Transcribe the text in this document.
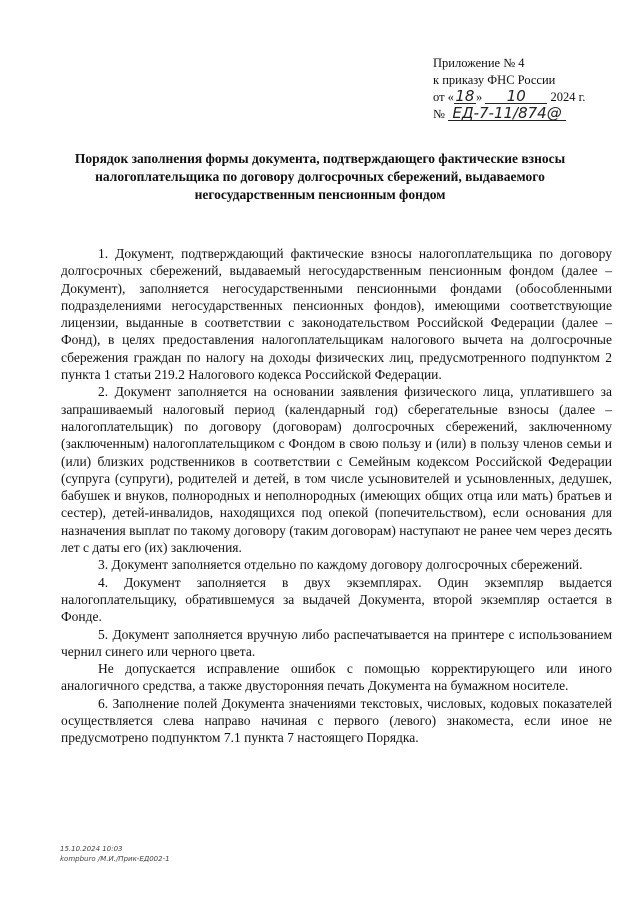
Приложение № 4
к приказу ФНС России
от «18» 10 2024 г.
№ ЕД-7-11/874@
Порядок заполнения формы документа, подтверждающего фактические взносы налогоплательщика по договору долгосрочных сбережений, выдаваемого негосударственным пенсионным фондом

1. Документ, подтверждающий фактические взносы налогоплательщика по договору долгосрочных сбережений, выдаваемый негосударственным пенсионным фондом (далее – Документ), заполняется негосударственными пенсионными фондами (обособленными подразделениями негосударственных пенсионных фондов), имеющими соответствующие лицензии, выданные в соответствии с законодательством Российской Федерации (далее – Фонд), в целях предоставления налогоплательщикам налогового вычета на долгосрочные сбережения граждан по налогу на доходы физических лиц, предусмотренного подпунктом 2 пункта 1 статьи 219.2 Налогового кодекса Российской Федерации.

2. Документ заполняется на основании заявления физического лица, уплатившего за запрашиваемый налоговый период (календарный год) сберегательные взносы (далее – налогоплательщик) по договору (договорам) долгосрочных сбережений, заключенному (заключенным) налогоплательщиком с Фондом в свою пользу и (или) в пользу членов семьи и (или) близких родственников в соответствии с Семейным кодексом Российской Федерации (супруга (супруги), родителей и детей, в том числе усыновителей и усыновленных, дедушек, бабушек и внуков, полнородных и неполнородных (имеющих общих отца или мать) братьев и сестер), детей-инвалидов, находящихся под опекой (попечительством), если основания для назначения выплат по такому договору (таким договорам) наступают не ранее чем через десять лет с даты его (их) заключения.

3. Документ заполняется отдельно по каждому договору долгосрочных сбережений.

4. Документ заполняется в двух экземплярах. Один экземпляр выдается налогоплательщику, обратившемуся за выдачей Документа, второй экземпляр остается в Фонде.

5. Документ заполняется вручную либо распечатывается на принтере с использованием чернил синего или черного цвета.

Не допускается исправление ошибок с помощью корректирующего или иного аналогичного средства, а также двусторонняя печать Документа на бумажном носителе.

6. Заполнение полей Документа значениями текстовых, числовых, кодовых показателей осуществляется слева направо начиная с первого (левого) знакоместа, если иное не предусмотрено подпунктом 7.1 пункта 7 настоящего Порядка.

15.10.2024 10:03
kompburo /М.И./Прик-ЕД002-1
